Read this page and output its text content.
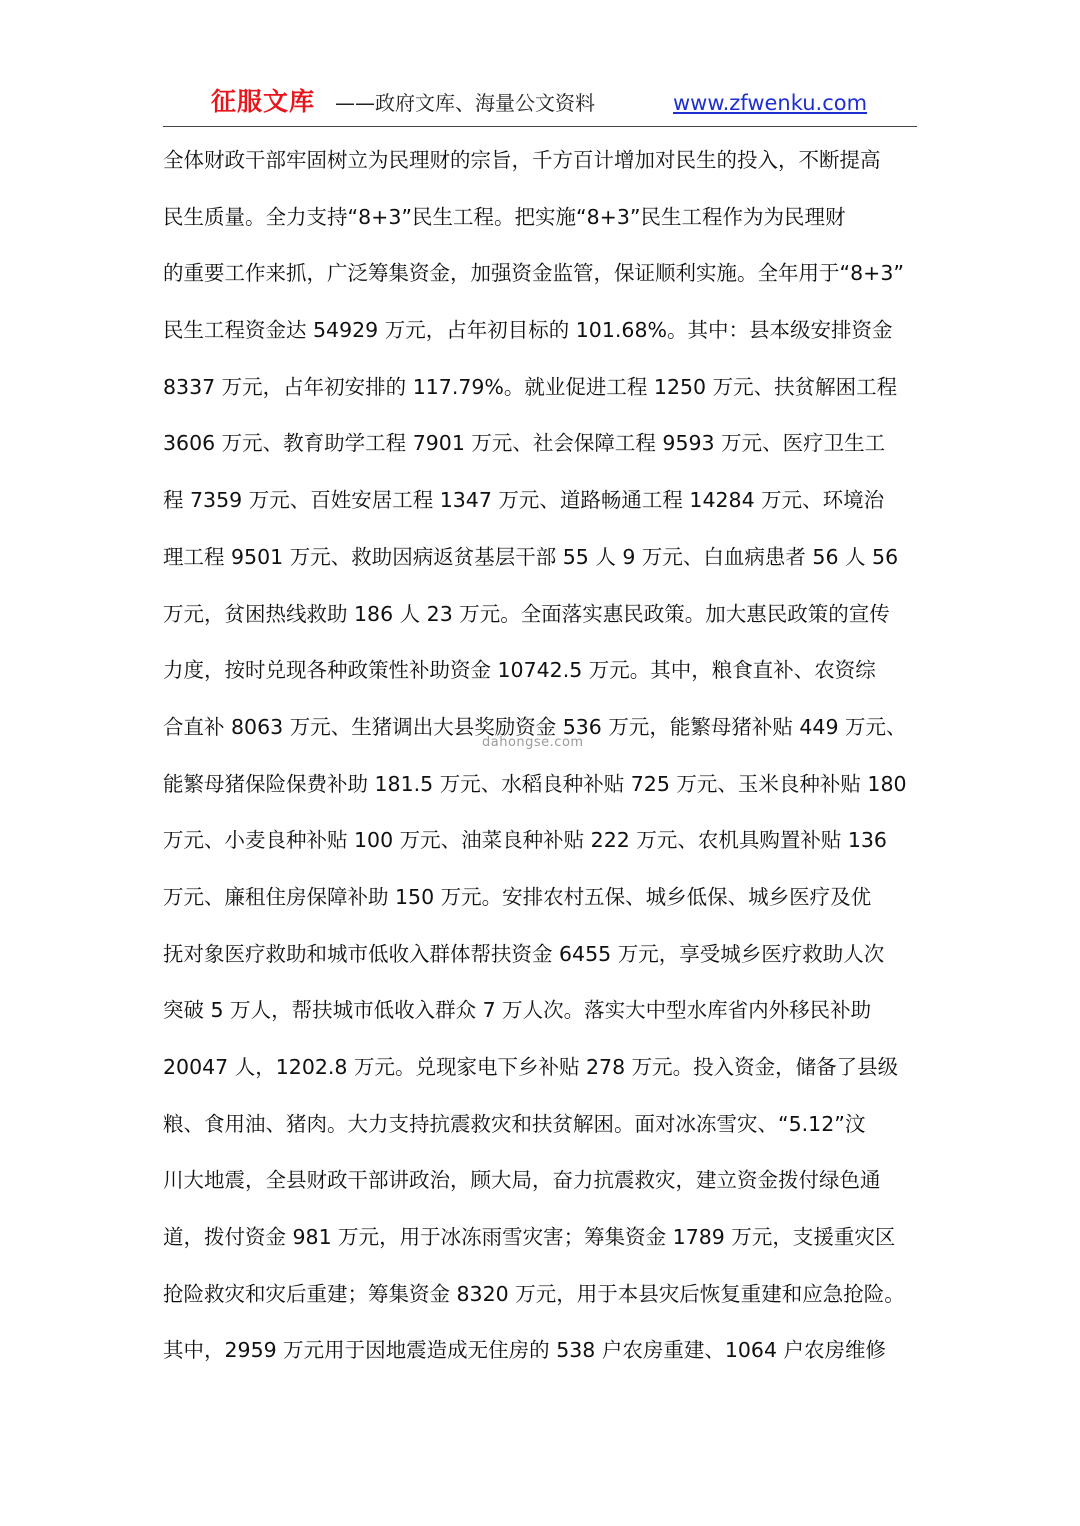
征服文库 ——政府文库、海量公文资料	www.zfwenku.com
全体财政干部牢固树立为民理财的宗旨，千方百计增加对民生的投入，不断提高
民生质量。全力支持“8+3”民生工程。把实施“8+3”民生工程作为为民理财
的重要工作来抓，广泛筹集资金，加强资金监管，保证顺利实施。全年用于“8+3”
民生工程资金达 54929 万元，占年初目标的 101.68%。其中：县本级安排资金
8337 万元，占年初安排的 117.79%。就业促进工程 1250 万元、扶贫解困工程
3606 万元、教育助学工程 7901 万元、社会保障工程 9593 万元、医疗卫生工
程 7359 万元、百姓安居工程 1347 万元、道路畅通工程 14284 万元、环境治
理工程 9501 万元、救助因病返贫基层干部 55 人 9 万元、白血病患者 56 人 56
万元，贫困热线救助 186 人 23 万元。全面落实惠民政策。加大惠民政策的宣传
力度，按时兑现各种政策性补助资金 10742.5 万元。其中，粮食直补、农资综
合直补 8063 万元、生猪调出大县奖励资金 536 万元，能繁母猪补贴 449 万元、
能繁母猪保险保费补助 181.5 万元、水稻良种补贴 725 万元、玉米良种补贴 180
万元、小麦良种补贴 100 万元、油菜良种补贴 222 万元、农机具购置补贴 136
万元、廉租住房保障补助 150 万元。安排农村五保、城乡低保、城乡医疗及优
抚对象医疗救助和城市低收入群体帮扶资金 6455 万元，享受城乡医疗救助人次
突破 5 万人，帮扶城市低收入群众 7 万人次。落实大中型水库省内外移民补助
20047 人，1202.8 万元。兑现家电下乡补贴 278 万元。投入资金，储备了县级
粮、食用油、猪肉。大力支持抗震救灾和扶贫解困。面对冰冻雪灾、“5.12”汶
川大地震，全县财政干部讲政治，顾大局，奋力抗震救灾，建立资金拨付绿色通
道，拨付资金 981 万元，用于冰冻雨雪灾害；筹集资金 1789 万元，支援重灾区
抢险救灾和灾后重建；筹集资金 8320 万元，用于本县灾后恢复重建和应急抢险。
其中，2959 万元用于因地震造成无住房的 538 户农房重建、1064 户农房维修
dahongse.com
